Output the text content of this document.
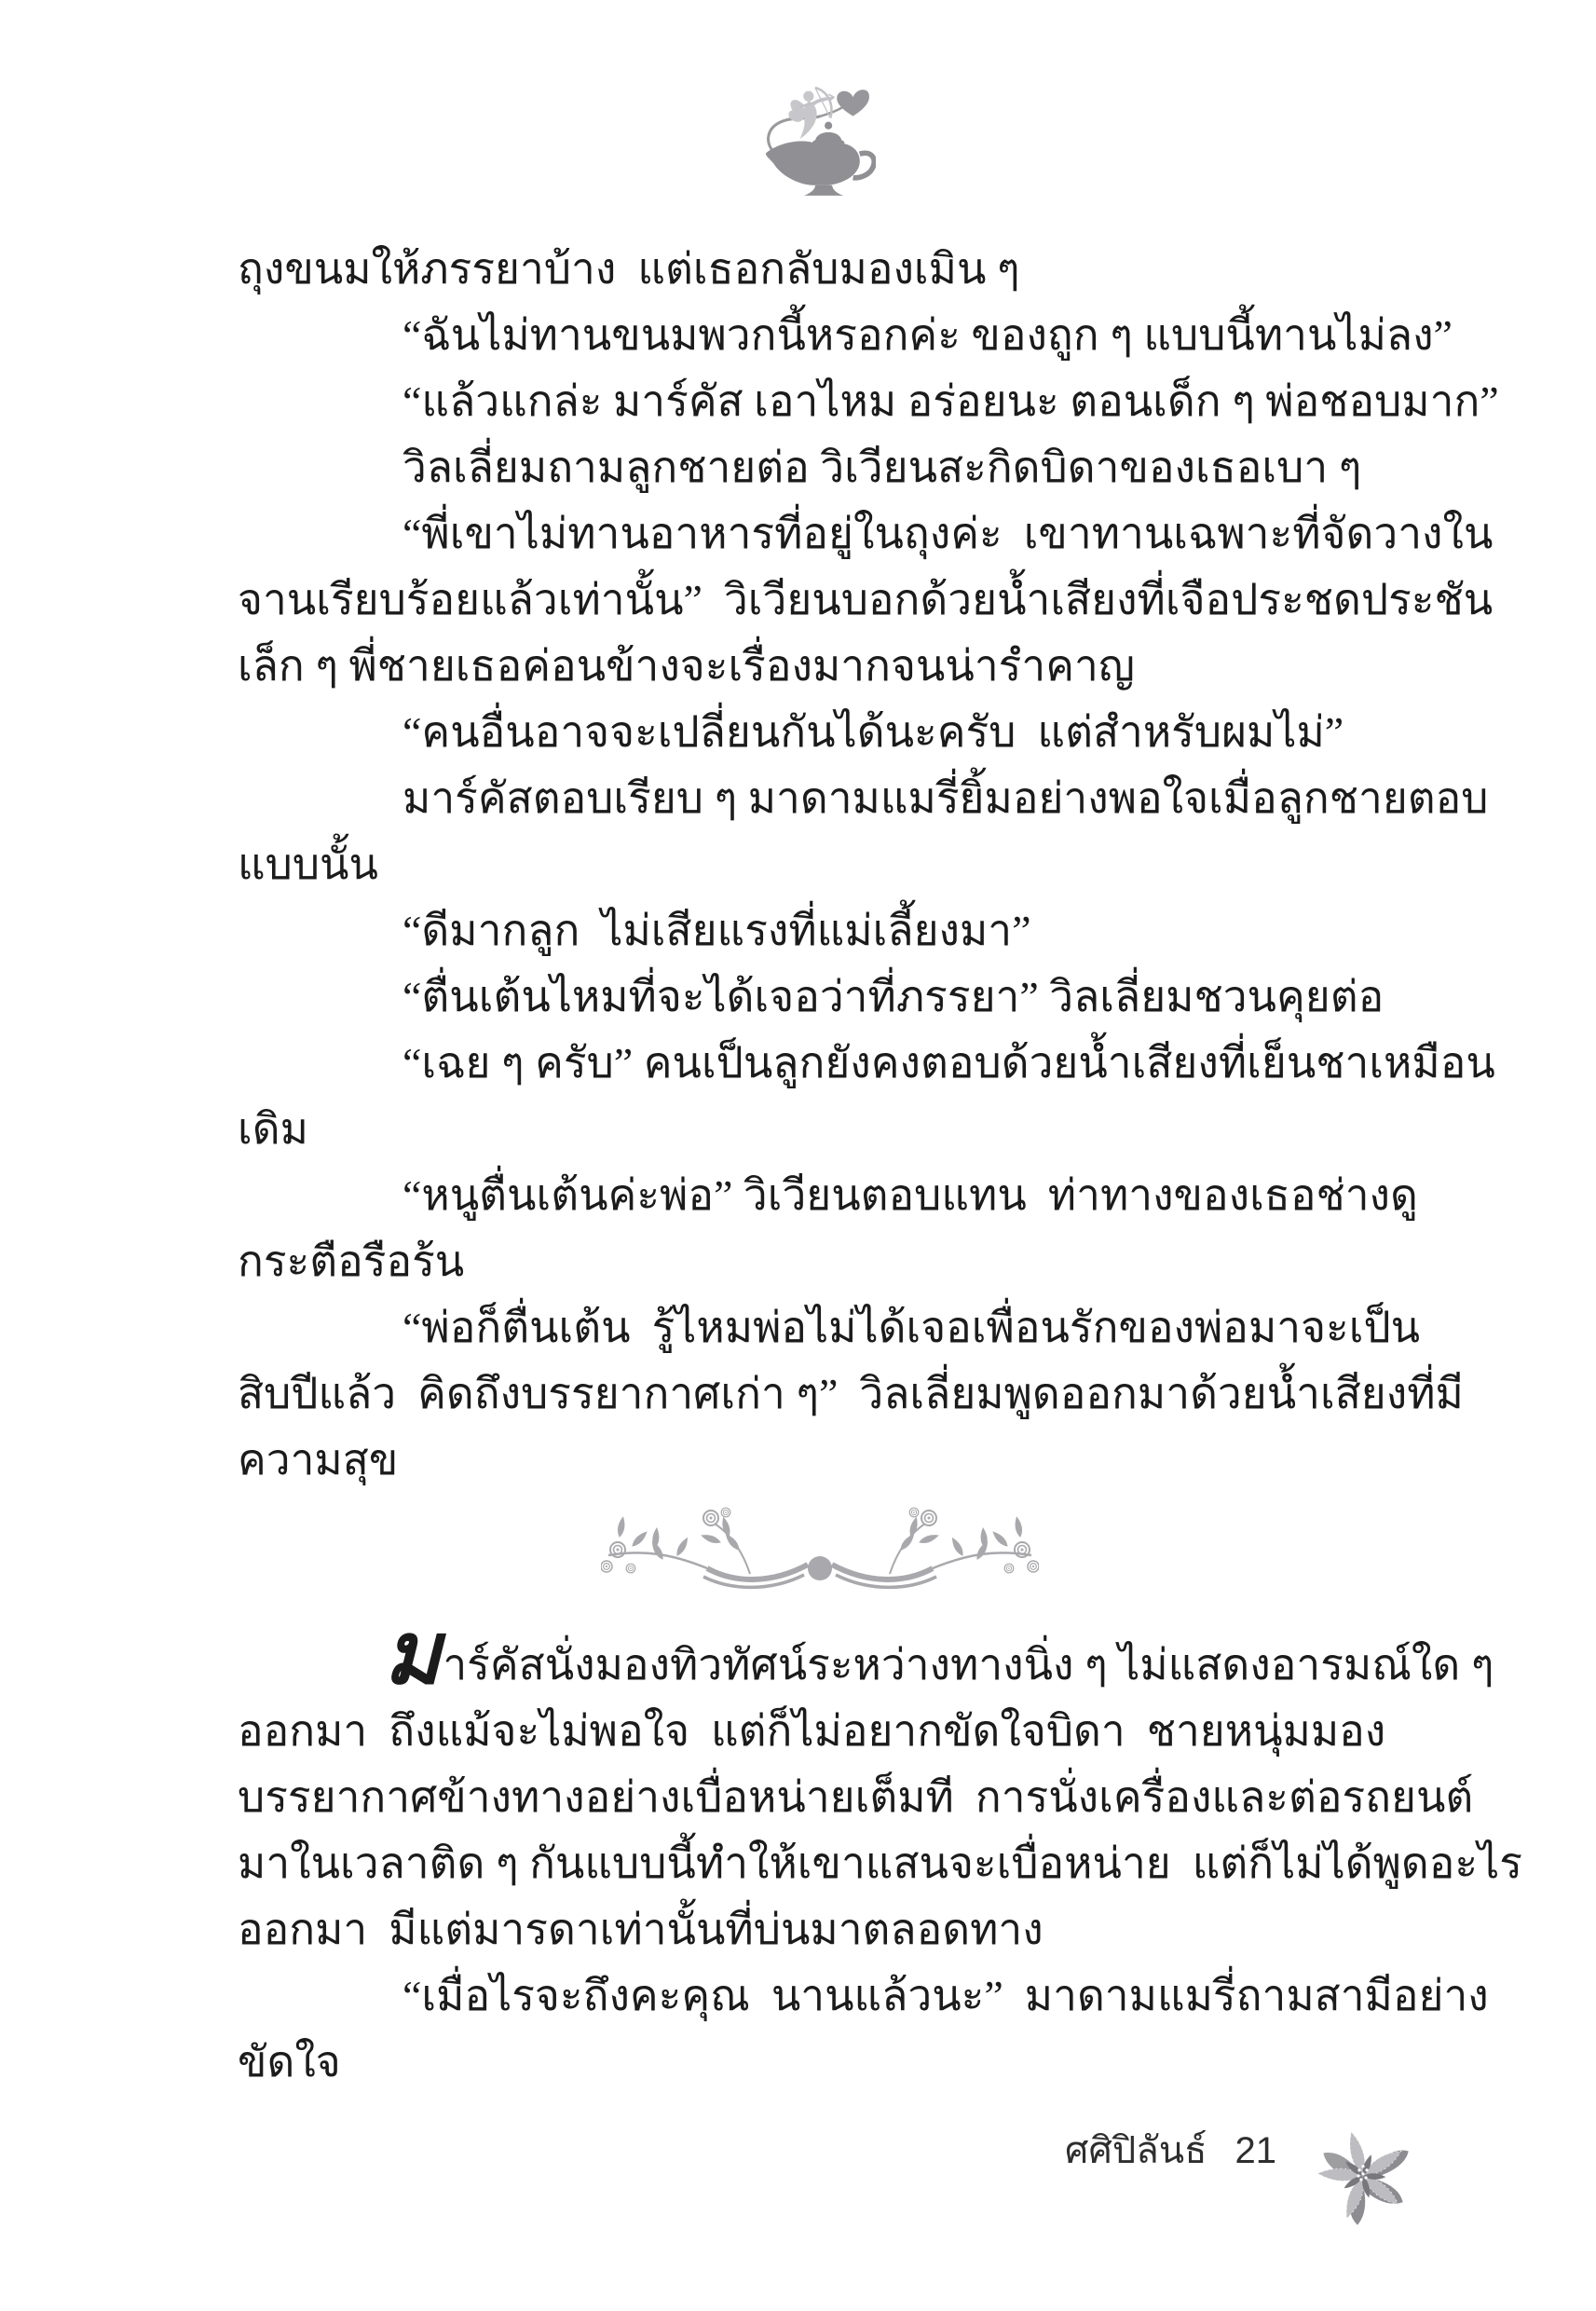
ถุงขนมให้ภรรยาบ้าง  แต่เธอกลับมองเมิน ๆ
“ฉันไม่ทานขนมพวกนี้หรอกค่ะ ของถูก ๆ แบบนี้ทานไม่ลง”
“แล้วแกล่ะ มาร์คัส เอาไหม อร่อยนะ ตอนเด็ก ๆ พ่อชอบมาก”
วิลเลี่ยมถามลูกชายต่อ วิเวียนสะกิดบิดาของเธอเบา ๆ
“พี่เขาไม่ทานอาหารที่อยู่ในถุงค่ะ  เขาทานเฉพาะที่จัดวางใน
จานเรียบร้อยแล้วเท่านั้น”  วิเวียนบอกด้วยน้ำเสียงที่เจือประชดประชัน
เล็ก ๆ พี่ชายเธอค่อนข้างจะเรื่องมากจนน่ารำคาญ
“คนอื่นอาจจะเปลี่ยนกันได้นะครับ  แต่สำหรับผมไม่”
มาร์คัสตอบเรียบ ๆ มาดามแมรี่ยิ้มอย่างพอใจเมื่อลูกชายตอบ
แบบนั้น
“ดีมากลูก  ไม่เสียแรงที่แม่เลี้ยงมา”
“ตื่นเต้นไหมที่จะได้เจอว่าที่ภรรยา” วิลเลี่ยมชวนคุยต่อ
“เฉย ๆ ครับ” คนเป็นลูกยังคงตอบด้วยน้ำเสียงที่เย็นชาเหมือน
เดิม
“หนูตื่นเต้นค่ะพ่อ” วิเวียนตอบแทน  ท่าทางของเธอช่างดู
กระตือรือร้น
“พ่อก็ตื่นเต้น  รู้ไหมพ่อไม่ได้เจอเพื่อนรักของพ่อมาจะเป็น
สิบปีแล้ว  คิดถึงบรรยากาศเก่า ๆ”  วิลเลี่ยมพูดออกมาด้วยน้ำเสียงที่มี
ความสุข
มาร์คัสนั่งมองทิวทัศน์ระหว่างทางนิ่ง ๆ ไม่แสดงอารมณ์ใด ๆ
ออกมา  ถึงแม้จะไม่พอใจ  แต่ก็ไม่อยากขัดใจบิดา  ชายหนุ่มมอง
บรรยากาศข้างทางอย่างเบื่อหน่ายเต็มที  การนั่งเครื่องและต่อรถยนต์
มาในเวลาติด ๆ กันแบบนี้ทำให้เขาแสนจะเบื่อหน่าย  แต่ก็ไม่ได้พูดอะไร
ออกมา  มีแต่มารดาเท่านั้นที่บ่นมาตลอดทาง
“เมื่อไรจะถึงคะคุณ  นานแล้วนะ”  มาดามแมรี่ถามสามีอย่าง
ขัดใจ
ศศิปิลันธ์ 21
